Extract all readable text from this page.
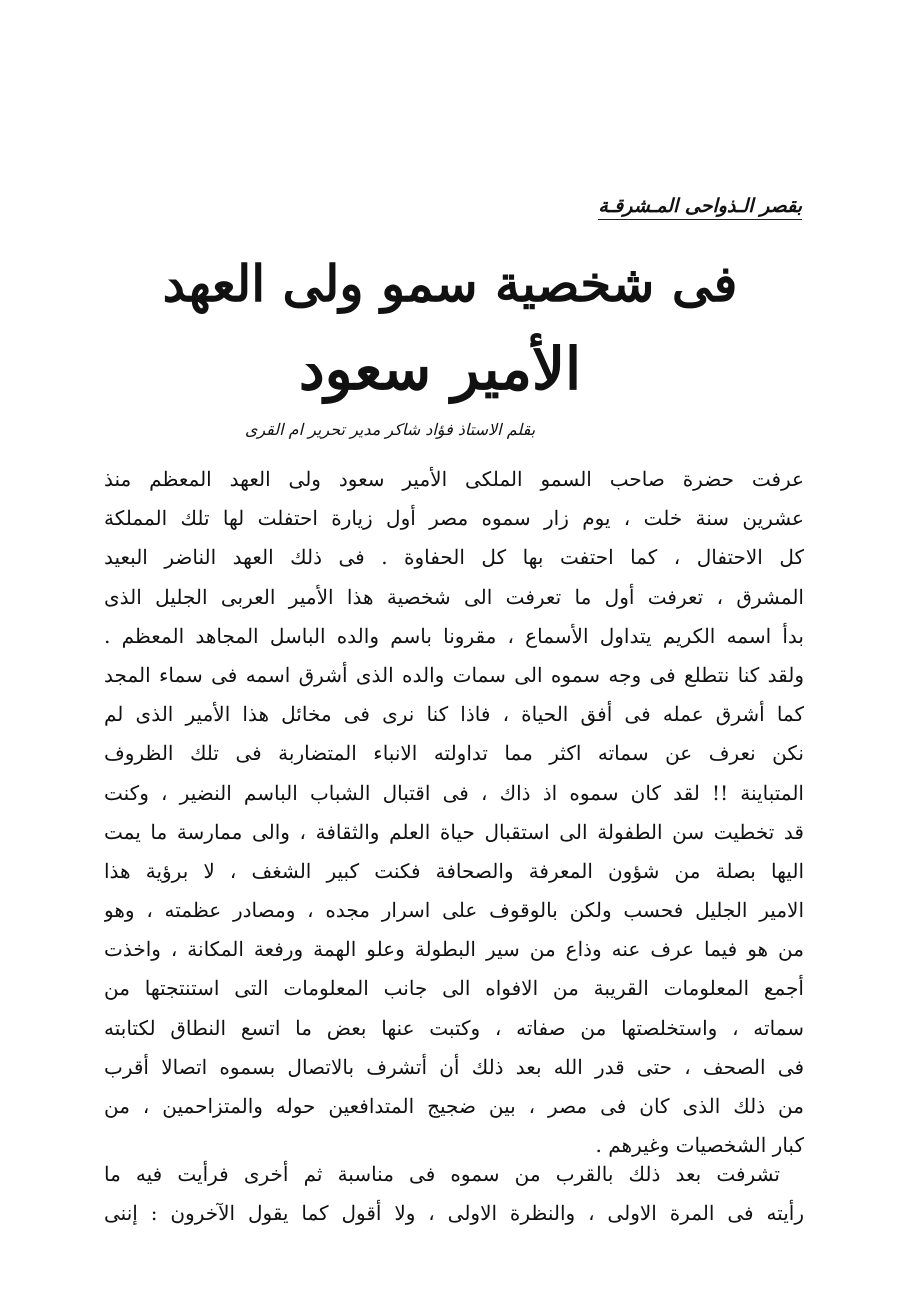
بقصر الـذواحى المـشرقـة
فى شخصية سمو ولى العهد
الأمير سعود
بقلم الاستاذ فؤاد شاكر مدير تحرير ام القرى
عرفت حضرة صاحب السمو الملكى الأمير سعود ولى العهد المعظم منذ
عشرين سنة خلت ، يوم زار سموه مصر أول زيارة احتفلت لها تلك المملكة
كل الاحتفال ، كما احتفت بها كل الحفاوة . فى ذلك العهد الناضر البعيد
المشرق ، تعرفت أول ما تعرفت الى شخصية هذا الأمير العربى الجليل الذى
بدأ اسمه الكريم يتداول الأسماع ، مقرونا باسم والده الباسل المجاهد المعظم .
ولقد كنا نتطلع فى وجه سموه الى سمات والده الذى أشرق اسمه فى سماء المجد
كما أشرق عمله فى أفق الحياة ، فاذا كنا نرى فى مخائل هذا الأمير الذى لم
نكن نعرف عن سماته اكثر مما تداولته الانباء المتضاربة فى تلك الظروف
المتباينة !! لقد كان سموه اذ ذاك ، فى اقتبال الشباب الباسم النضير ، وكنت
قد تخطيت سن الطفولة الى استقبال حياة العلم والثقافة ، والى ممارسة ما يمت
اليها بصلة من شؤون المعرفة والصحافة فكنت كبير الشغف ، لا برؤية هذا
الامير الجليل فحسب ولكن بالوقوف على اسرار مجده ، ومصادر عظمته ، وهو
من هو فيما عرف عنه وذاع من سير البطولة وعلو الهمة ورفعة المكانة ، واخذت
أجمع المعلومات القريبة من الافواه الى جانب المعلومات التى استنتجتها من
سماته ، واستخلصتها من صفاته ، وكتبت عنها بعض ما اتسع النطاق لكتابته
فى الصحف ، حتى قدر الله بعد ذلك أن أتشرف بالاتصال بسموه اتصالا أقرب
من ذلك الذى كان فى مصر ، بين ضجيج المتدافعين حوله والمتزاحمين ، من
كبار الشخصيات وغيرهم .
تشرفت بعد ذلك بالقرب من سموه فى مناسبة ثم أخرى فرأيت فيه ما
رأيته فى المرة الاولى ، والنظرة الاولى ، ولا أقول كما يقول الآخرون : إننى
